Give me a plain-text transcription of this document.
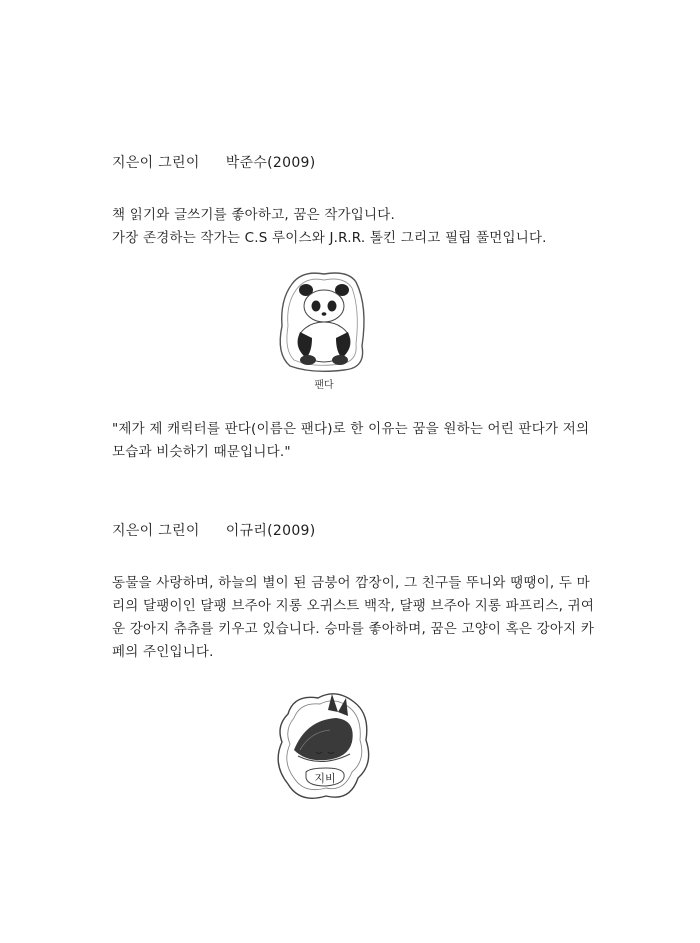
지은이 그린이 박준수(2009)

책 읽기와 글쓰기를 좋아하고, 꿈은 작가입니다.

가장 존경하는 작가는 C.S 루이스와 J.R.R. 톨킨 그리고 필립 풀먼입니다.

팬다

"제가 제 캐릭터를 판다(이름은 팬다)로 한 이유는 꿈을 원하는 어린 판다가 저의

모습과 비슷하기 때문입니다."

지은이 그린이 이규리(2009)

동물을 사랑하며, 하늘의 별이 된 금붕어 깜장이, 그 친구들 뚜니와 땡땡이, 두 마

리의 달팽이인 달팽 브주아 지롱 오귀스트 백작, 달팽 브주아 지롱 파프리스, 귀여

운 강아지 츄츄를 키우고 있습니다. 승마를 좋아하며, 꿈은 고양이 혹은 강아지 카

페의 주인입니다.

지비
